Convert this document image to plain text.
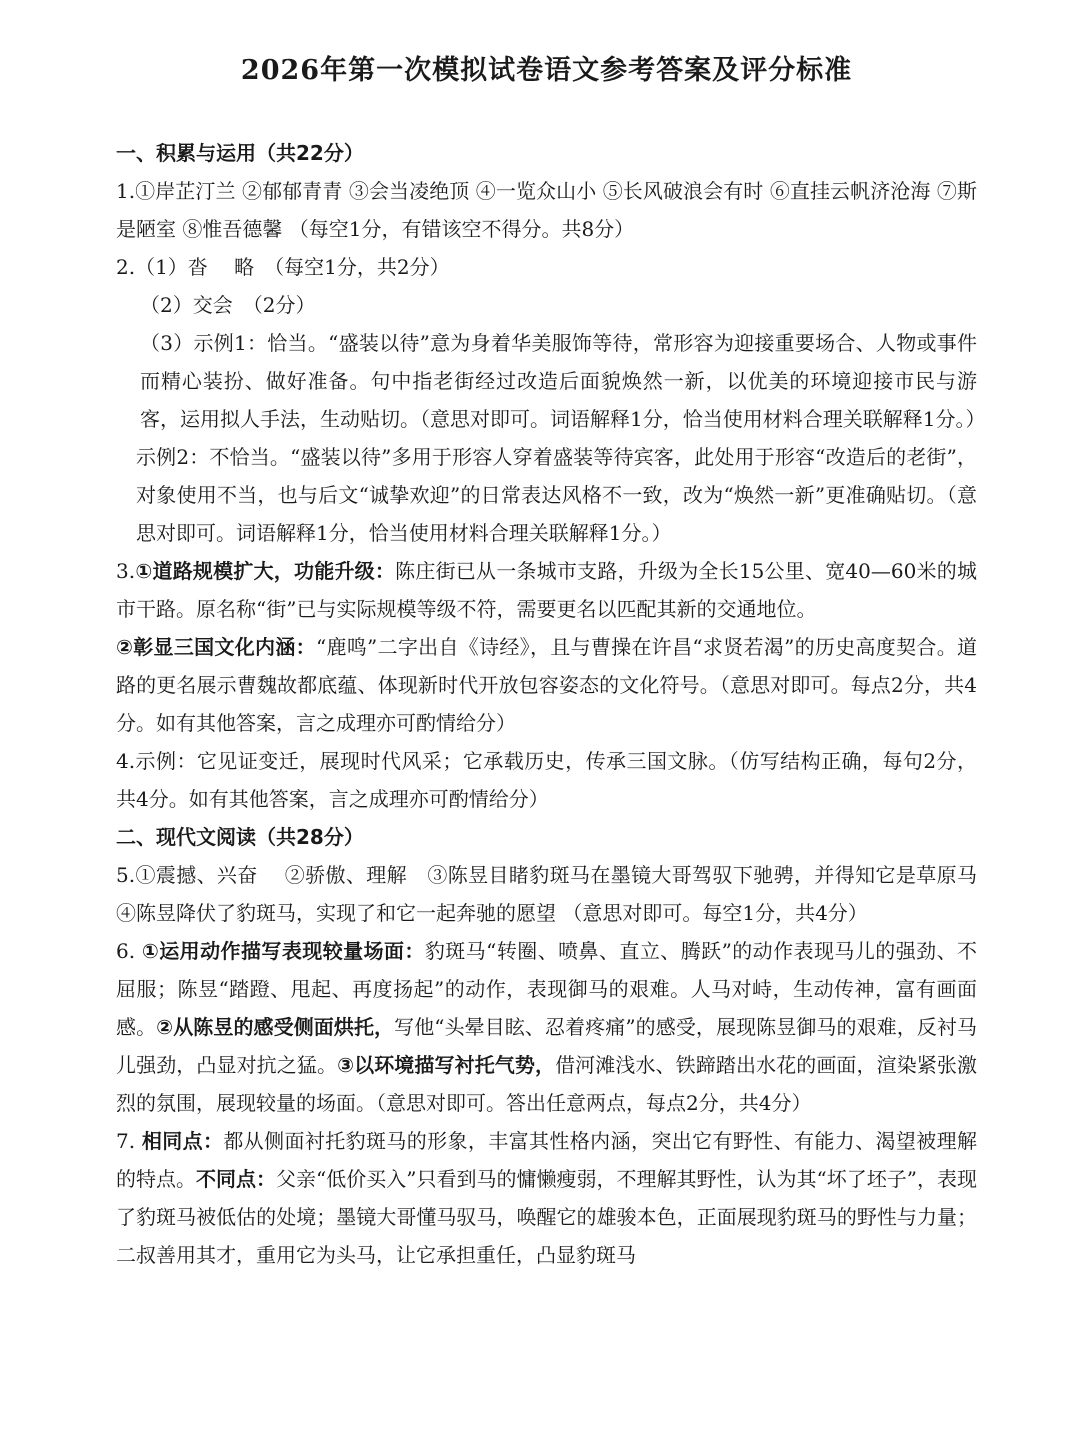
2026年第一次模拟试卷语文参考答案及评分标准

一、积累与运用（共22分）

1.①岸芷汀兰 ②郁郁青青 ③会当凌绝顶 ④一览众山小 ⑤长风破浪会有时 ⑥直挂云帆济沧海 ⑦斯是陋室 ⑧惟吾德馨 （每空1分，有错该空不得分。共8分）

2.（1）沓　 略　（每空1分，共2分）

（2）交会　（2分）

（3）示例1：恰当。“盛装以待”意为身着华美服饰等待，常形容为迎接重要场合、人物或事件而精心装扮、做好准备。句中指老街经过改造后面貌焕然一新，以优美的环境迎接市民与游客，运用拟人手法，生动贴切。（意思对即可。词语解释1分，恰当使用材料合理关联解释1分。）

示例2：不恰当。“盛装以待”多用于形容人穿着盛装等待宾客，此处用于形容“改造后的老街”，对象使用不当，也与后文“诚挚欢迎”的日常表达风格不一致，改为“焕然一新”更准确贴切。（意思对即可。词语解释1分，恰当使用材料合理关联解释1分。）

3.①道路规模扩大，功能升级：陈庄街已从一条城市支路，升级为全长15公里、宽40—60米的城市干路。原名称“街”已与实际规模等级不符，需要更名以匹配其新的交通地位。
②彰显三国文化内涵：“鹿鸣”二字出自《诗经》，且与曹操在许昌“求贤若渴”的历史高度契合。道路的更名展示曹魏故都底蕴、体现新时代开放包容姿态的文化符号。（意思对即可。每点2分，共4分。如有其他答案，言之成理亦可酌情给分）

4.示例：它见证变迁，展现时代风采；它承载历史，传承三国文脉。（仿写结构正确，每句2分，共4分。如有其他答案，言之成理亦可酌情给分）

二、现代文阅读（共28分）

5.①震撼、兴奋　 ②骄傲、理解　③陈昱目睹豹斑马在墨镜大哥驾驭下驰骋，并得知它是草原马　④陈昱降伏了豹斑马，实现了和它一起奔驰的愿望 （意思对即可。每空1分，共4分）

6. ①运用动作描写表现较量场面：豹斑马“转圈、喷鼻、直立、腾跃”的动作表现马儿的强劲、不屈服；陈昱“踏蹬、甩起、再度扬起”的动作，表现御马的艰难。人马对峙，生动传神，富有画面感。②从陈昱的感受侧面烘托，写他“头晕目眩、忍着疼痛”的感受，展现陈昱御马的艰难，反衬马儿强劲，凸显对抗之猛。③以环境描写衬托气势，借河滩浅水、铁蹄踏出水花的画面，渲染紧张激烈的氛围，展现较量的场面。（意思对即可。答出任意两点，每点2分，共4分）

7. 相同点：都从侧面衬托豹斑马的形象，丰富其性格内涵，突出它有野性、有能力、渴望被理解的特点。不同点：父亲“低价买入”只看到马的慵懒瘦弱，不理解其野性，认为其“坏了坯子”，表现了豹斑马被低估的处境；墨镜大哥懂马驭马，唤醒它的雄骏本色，正面展现豹斑马的野性与力量；二叔善用其才，重用它为头马，让它承担重任，凸显豹斑马
